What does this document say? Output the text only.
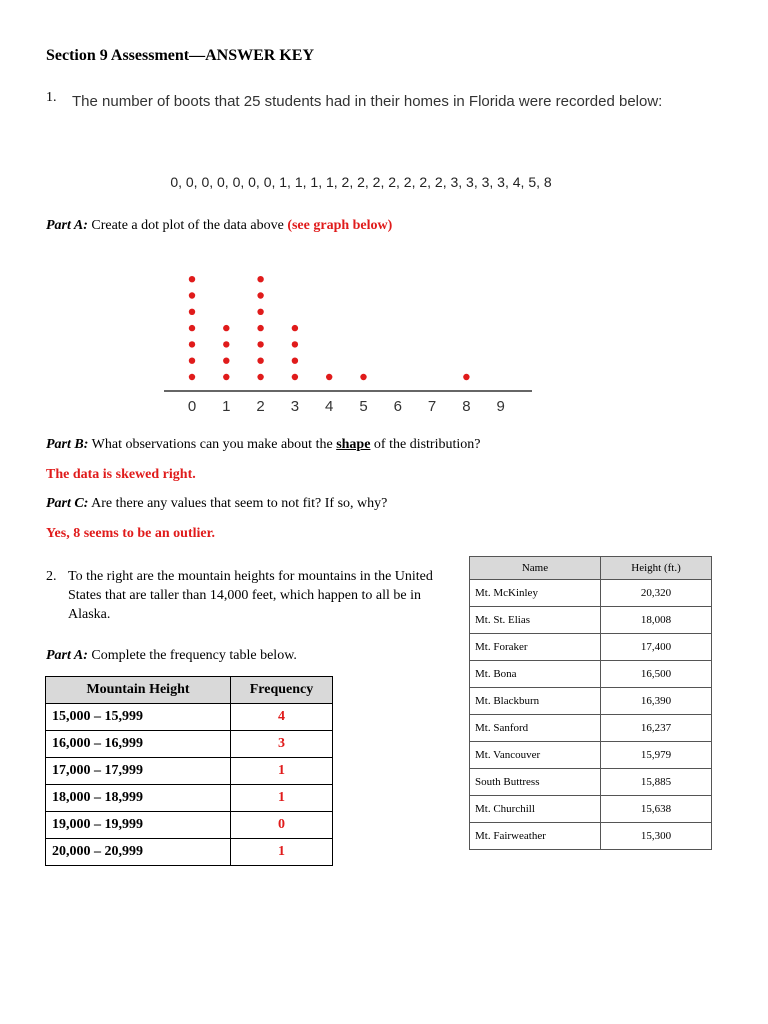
Section 9 Assessment—ANSWER KEY
1. The number of boots that 25 students had in their homes in Florida were recorded below:
0, 0, 0, 0, 0, 0, 0, 1, 1, 1, 1, 2, 2, 2, 2, 2, 2, 2, 3, 3, 3, 3, 4, 5, 8
Part A: Create a dot plot of the data above (see graph below)
0 1 2 3 4 5 6 7 8 9
Part B: What observations can you make about the shape of the distribution?
The data is skewed right.
Part C: Are there any values that seem to not fit? If so, why?
Yes, 8 seems to be an outlier.
2. To the right are the mountain heights for mountains in the United States that are taller than 14,000 feet, which happen to all be in Alaska.
Part A: Complete the frequency table below.
Mountain Height	Frequency
15,000 – 15,999	4
16,000 – 16,999	3
17,000 – 17,999	1
18,000 – 18,999	1
19,000 – 19,999	0
20,000 – 20,999	1
Name	Height (ft.)
Mt. McKinley	20,320
Mt. St. Elias	18,008
Mt. Foraker	17,400
Mt. Bona	16,500
Mt. Blackburn	16,390
Mt. Sanford	16,237
Mt. Vancouver	15,979
South Buttress	15,885
Mt. Churchill	15,638
Mt. Fairweather	15,300
